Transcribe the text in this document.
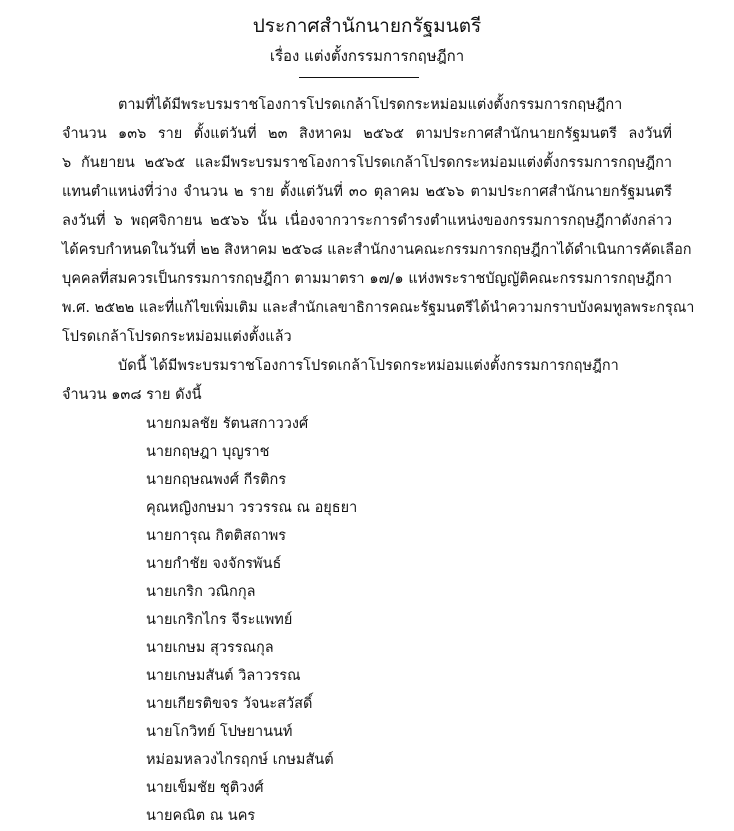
ประกาศสำนักนายกรัฐมนตรี
เรื่อง แต่งตั้งกรรมการกฤษฎีกา
ตามที่ได้มีพระบรมราชโองการโปรดเกล้าโปรดกระหม่อมแต่งตั้งกรรมการกฤษฎีกา
จำนวน ๑๓๖ ราย ตั้งแต่วันที่ ๒๓ สิงหาคม ๒๕๖๕ ตามประกาศสำนักนายกรัฐมนตรี ลงวันที่
๖ กันยายน ๒๕๖๕ และมีพระบรมราชโองการโปรดเกล้าโปรดกระหม่อมแต่งตั้งกรรมการกฤษฎีกา
แทนตำแหน่งที่ว่าง จำนวน ๒ ราย ตั้งแต่วันที่ ๓๐ ตุลาคม ๒๕๖๖ ตามประกาศสำนักนายกรัฐมนตรี
ลงวันที่ ๖ พฤศจิกายน ๒๕๖๖ นั้น เนื่องจากวาระการดำรงตำแหน่งของกรรมการกฤษฎีกาดังกล่าว
ได้ครบกำหนดในวันที่ ๒๒ สิงหาคม ๒๕๖๘ และสำนักงานคณะกรรมการกฤษฎีกาได้ดำเนินการคัดเลือก
บุคคลที่สมควรเป็นกรรมการกฤษฎีกา ตามมาตรา ๑๗/๑ แห่งพระราชบัญญัติคณะกรรมการกฤษฎีกา
พ.ศ. ๒๕๒๒ และที่แก้ไขเพิ่มเติม และสำนักเลขาธิการคณะรัฐมนตรีได้นำความกราบบังคมทูลพระกรุณา
โปรดเกล้าโปรดกระหม่อมแต่งตั้งแล้ว
บัดนี้ ได้มีพระบรมราชโองการโปรดเกล้าโปรดกระหม่อมแต่งตั้งกรรมการกฤษฎีกา
จำนวน ๑๓๘ ราย ดังนี้
นายกมลชัย รัตนสกาววงศ์
นายกฤษฎา บุญราช
นายกฤษณพงศ์ กีรติกร
คุณหญิงกษมา วรวรรณ ณ อยุธยา
นายการุณ กิตติสถาพร
นายกำชัย จงจักรพันธ์
นายเกริก วณิกกุล
นายเกริกไกร จีระแพทย์
นายเกษม สุวรรณกุล
นายเกษมสันต์ วิลาวรรณ
นายเกียรติขจร วัจนะสวัสดิ์
นายโกวิทย์ โปษยานนท์
หม่อมหลวงไกรฤกษ์ เกษมสันต์
นายเข็มชัย ชุติวงศ์
นายคณิต ณ นคร
